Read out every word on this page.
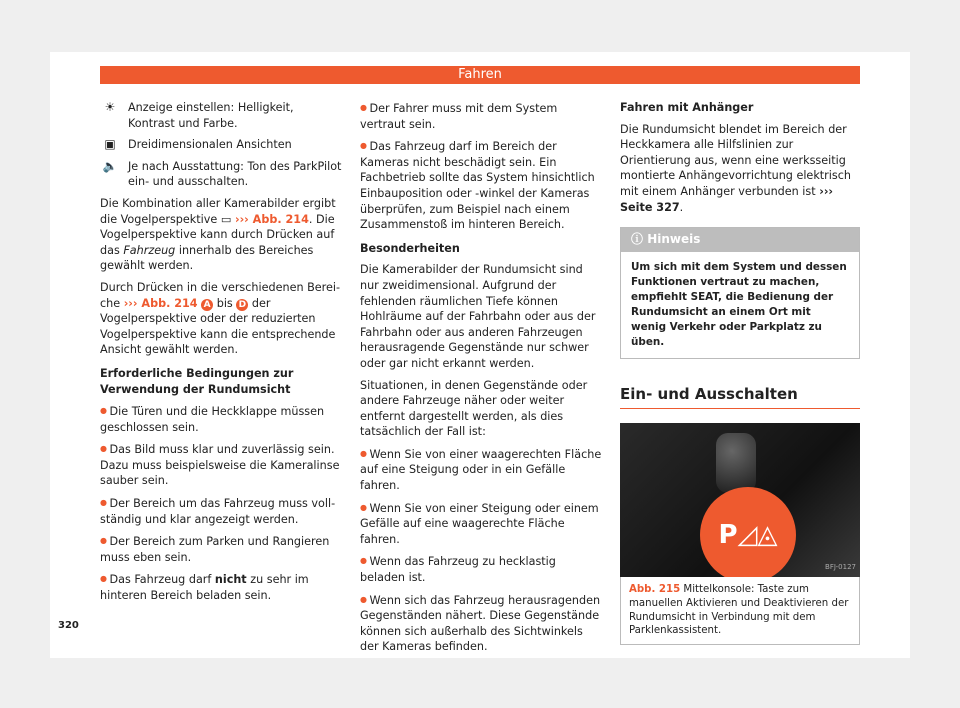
Fahren
☀	Anzeige einstellen: Helligkeit, Kontrast und Farbe.
▣	Dreidimensionalen Ansichten
🔈 Je nach Ausstattung: Ton des ParkPilot ein- und ausschalten.

Die Kombination aller Kamerabilder ergibt die Vogelperspektive ▭ ››› Abb. 214. Die Vogelperspektive kann durch Drücken auf das Fahrzeug innerhalb des Bereiches gewählt werden.

Durch Drücken in die verschiedenen Bereiche ››› Abb. 214 A bis D der Vogelperspektive oder der reduzierten Vogelperspektive kann die entsprechende Ansicht gewählt werden.

Erforderliche Bedingungen zur Verwendung der Rundumsicht

● Die Türen und die Heckklappe müssen geschlossen sein.

● Das Bild muss klar und zuverlässig sein. Dazu muss beispielsweise die Kameralinse sauber sein.

● Der Bereich um das Fahrzeug muss vollständig und klar angezeigt werden.

● Der Bereich zum Parken und Rangieren muss eben sein.

● Das Fahrzeug darf nicht zu sehr im hinteren Bereich beladen sein.

● Der Fahrer muss mit dem System vertraut sein.

● Das Fahrzeug darf im Bereich der Kameras nicht beschädigt sein. Ein Fachbetrieb sollte das System hinsichtlich Einbauposition oder -winkel der Kameras überprüfen, zum Beispiel nach einem Zusammenstoß im hinteren Bereich.

Besonderheiten

Die Kamerabilder der Rundumsicht sind nur zweidimensional. Aufgrund der fehlenden räumlichen Tiefe können Hohlräume auf der Fahrbahn oder aus der Fahrbahn oder aus anderen Fahrzeugen herausragende Gegenstände nur schwer oder gar nicht erkannt werden.

Situationen, in denen Gegenstände oder andere Fahrzeuge näher oder weiter entfernt dargestellt werden, als dies tatsächlich der Fall ist:

● Wenn Sie von einer waagerechten Fläche auf eine Steigung oder in ein Gefälle fahren.

● Wenn Sie von einer Steigung oder einem Gefälle auf eine waagerechte Fläche fahren.

● Wenn das Fahrzeug zu hecklastig beladen ist.

● Wenn sich das Fahrzeug herausragenden Gegenständen nähert. Diese Gegenstände können sich außerhalb des Sichtwinkels der Kameras befinden.

Fahren mit Anhänger

Die Rundumsicht blendet im Bereich der Heckkamera alle Hilfslinien zur Orientierung aus, wenn eine werksseitig montierte Anhängevorrichtung elektrisch mit einem Anhänger verbunden ist ››› Seite 327.

ⓘ Hinweis
Um sich mit dem System und dessen Funktionen vertraut zu machen, empfiehlt SEAT, die Bedienung der Rundumsicht an einem Ort mit wenig Verkehr oder Parkplatz zu üben.
Ein- und Ausschalten
P◿◬
BFJ-0127
Abb. 215 Mittelkonsole: Taste zum manuellen Aktivieren und Deaktivieren der Rundumsicht in Verbindung mit dem Parklenkassistent.
320
